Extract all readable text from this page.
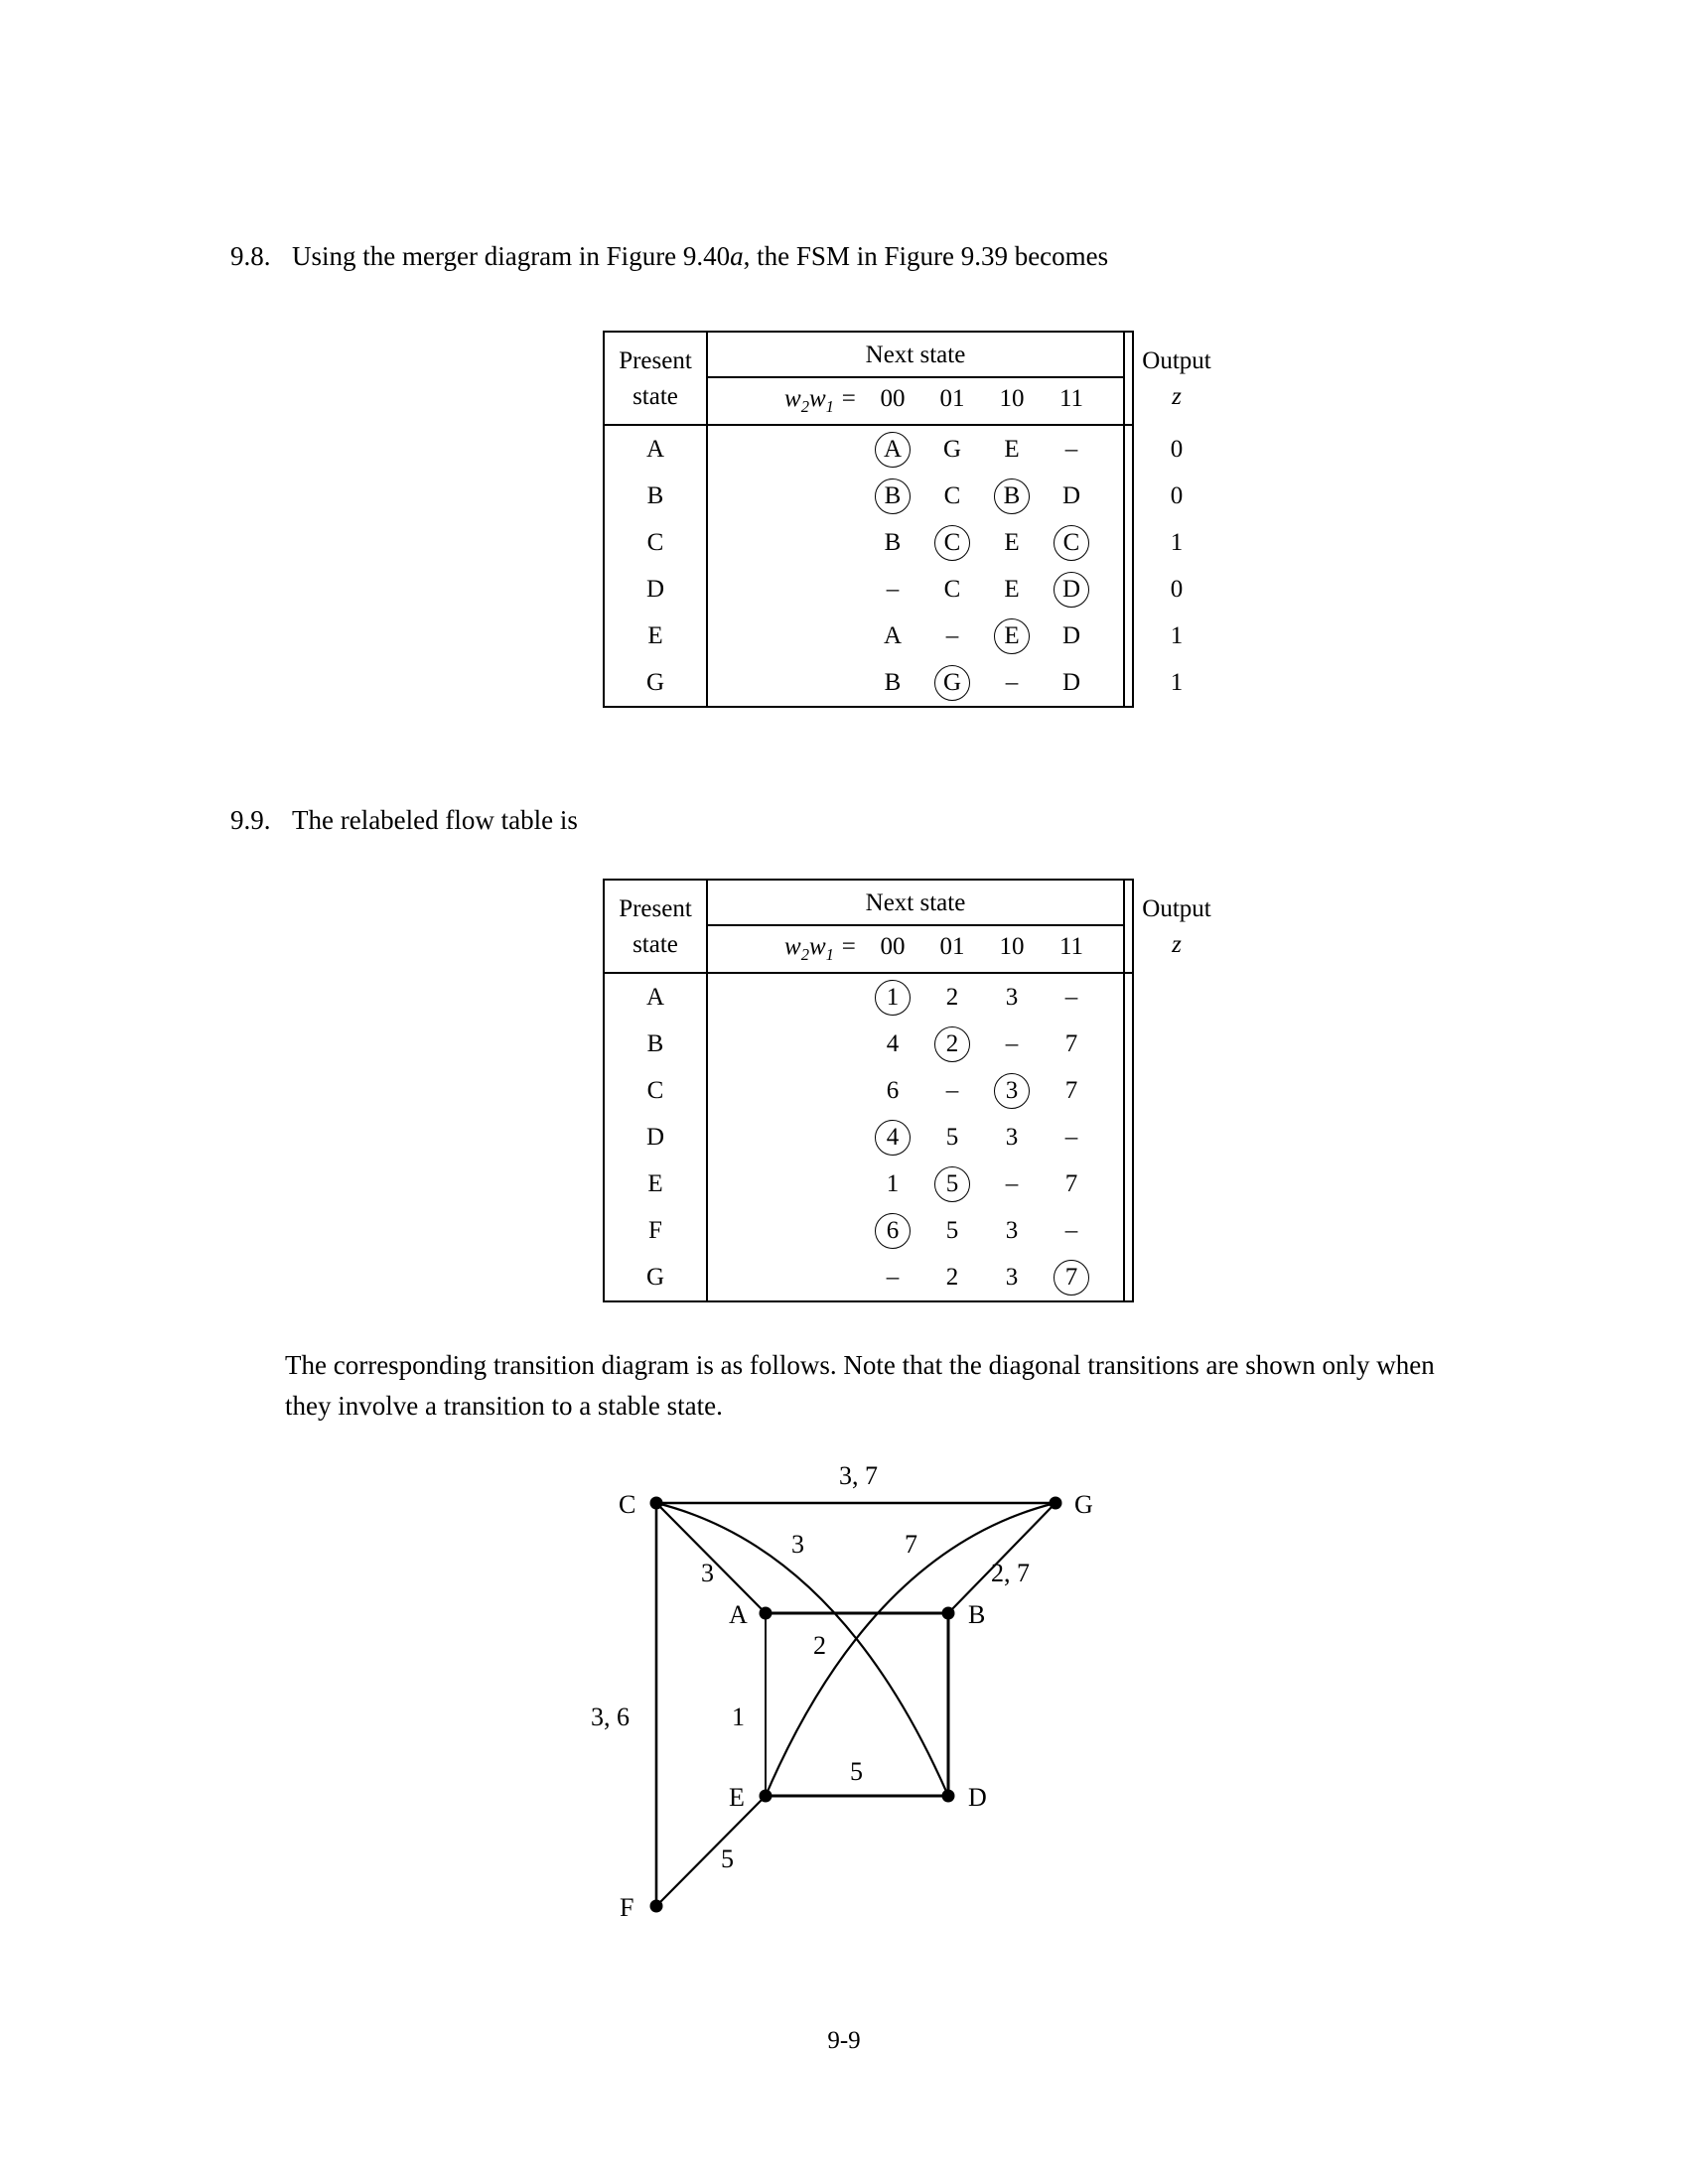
9.8. Using the merger diagram in Figure 9.40a, the FSM in Figure 9.39 becomes
Present
state
Next state
$w_2w_1 = 00$	01	10	11
Output
z
A	A	G	E	–	0
B	B	C	B	D	0
C	B	C	E	C	1
D	–	C	E	D	0
E	A	–	E	D	1
G	B	G	–	D	1
9.9. The relabeled flow table is
Present
state
Next state
$w_2w_1 = 00$	01	10	11
Output
z
A	1	2	3	–
B	4	2	–	7
C	6	–	3	7
D	4	5	3	–
E	1	5	–	7
F	6	5	3	–
G	–	2	3	7
The corresponding transition diagram is as follows. Note that the diagonal transitions are shown only when they involve a transition to a stable state.
C	G
A	B
E	D
F
3, 7
3	7
3	2, 7
2
3, 6	1
5
5
9-9
